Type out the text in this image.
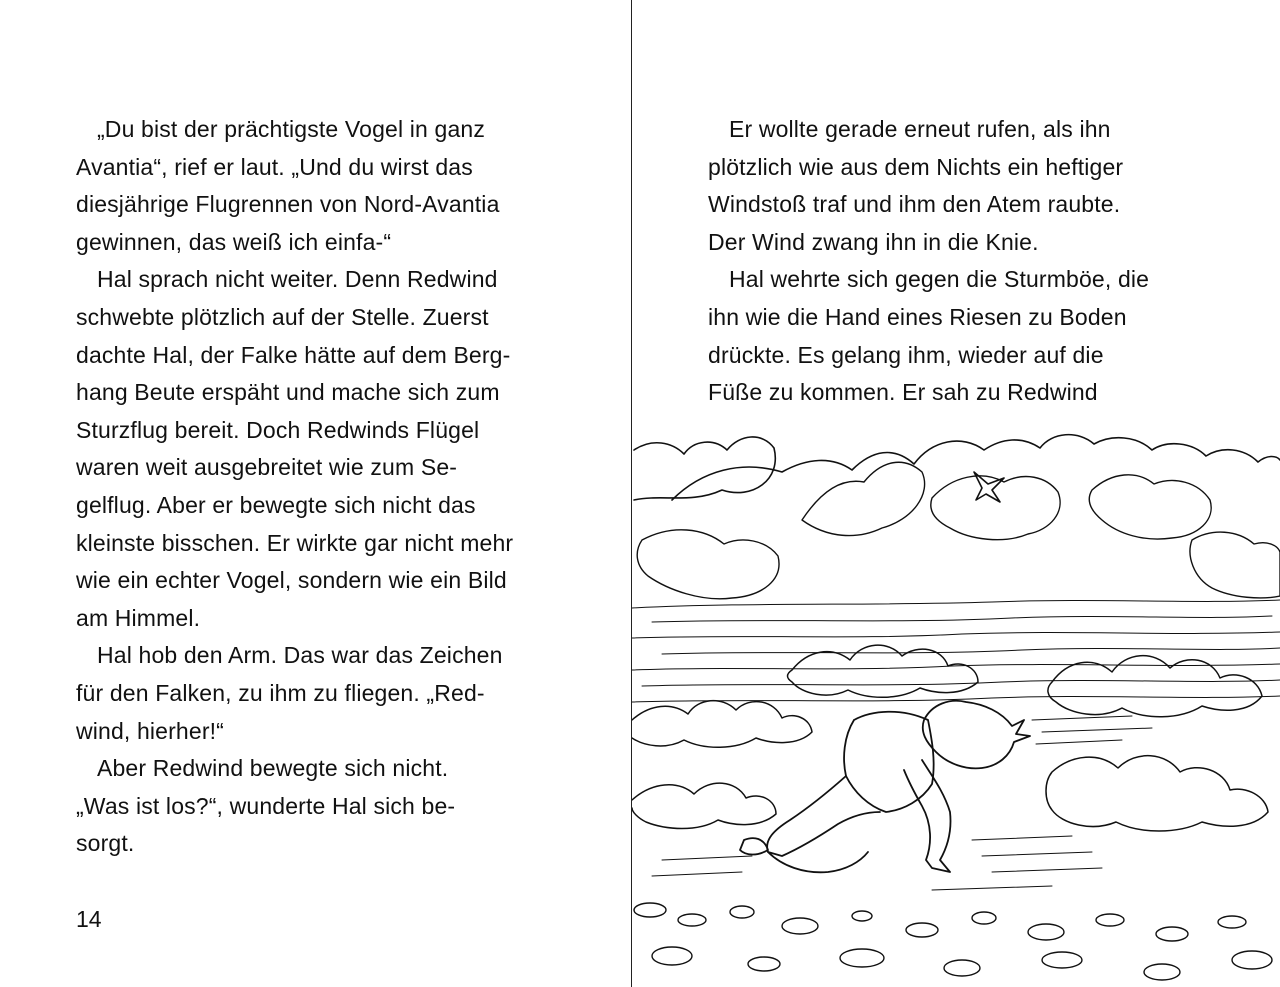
„Du bist der prächtigste Vogel in ganz
Avantia“, rief er laut. „Und du wirst das
diesjährige Flugrennen von Nord-Avantia
gewinnen, das weiß ich einfa-“
Hal sprach nicht weiter. Denn Redwind
schwebte plötzlich auf der Stelle. Zuerst
dachte Hal, der Falke hätte auf dem Berg-
hang Beute erspäht und mache sich zum
Sturzflug bereit. Doch Redwinds Flügel
waren weit ausgebreitet wie zum Se-
gelflug. Aber er bewegte sich nicht das
kleinste bisschen. Er wirkte gar nicht mehr
wie ein echter Vogel, sondern wie ein Bild
am Himmel.
Hal hob den Arm. Das war das Zeichen
für den Falken, zu ihm zu fliegen. „Red-
wind, hierher!“
Aber Redwind bewegte sich nicht.
„Was ist los?“, wunderte Hal sich be-
sorgt.
14
Er wollte gerade erneut rufen, als ihn
plötzlich wie aus dem Nichts ein heftiger
Windstoß traf und ihm den Atem raubte.
Der Wind zwang ihn in die Knie.
Hal wehrte sich gegen die Sturmböe, die
ihn wie die Hand eines Riesen zu Boden
drückte. Es gelang ihm, wieder auf die
Füße zu kommen. Er sah zu Redwind
